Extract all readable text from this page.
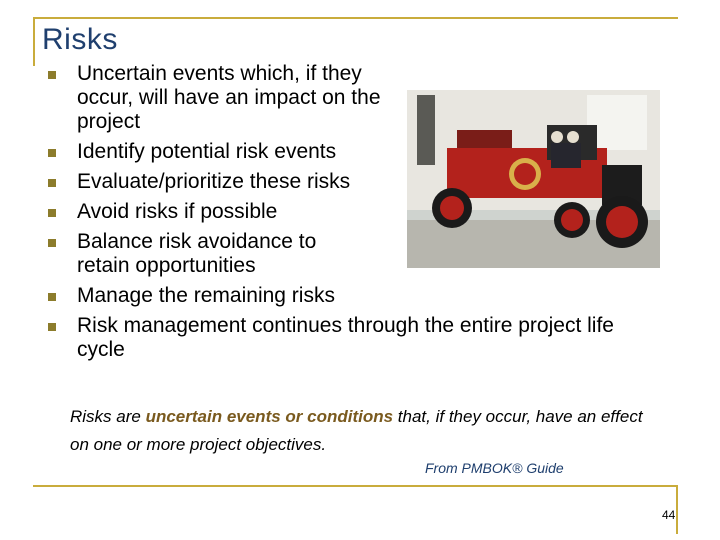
Risks
Uncertain events which, if they occur, will have an impact on the project
Identify potential risk events
Evaluate/prioritize these risks
Avoid risks if possible
Balance risk avoidance to retain opportunities
Manage the remaining risks
Risk management continues through the entire project life cycle
Risks are uncertain events or conditions that, if they occur, have an effect on one or more project objectives.
From PMBOK® Guide
44
